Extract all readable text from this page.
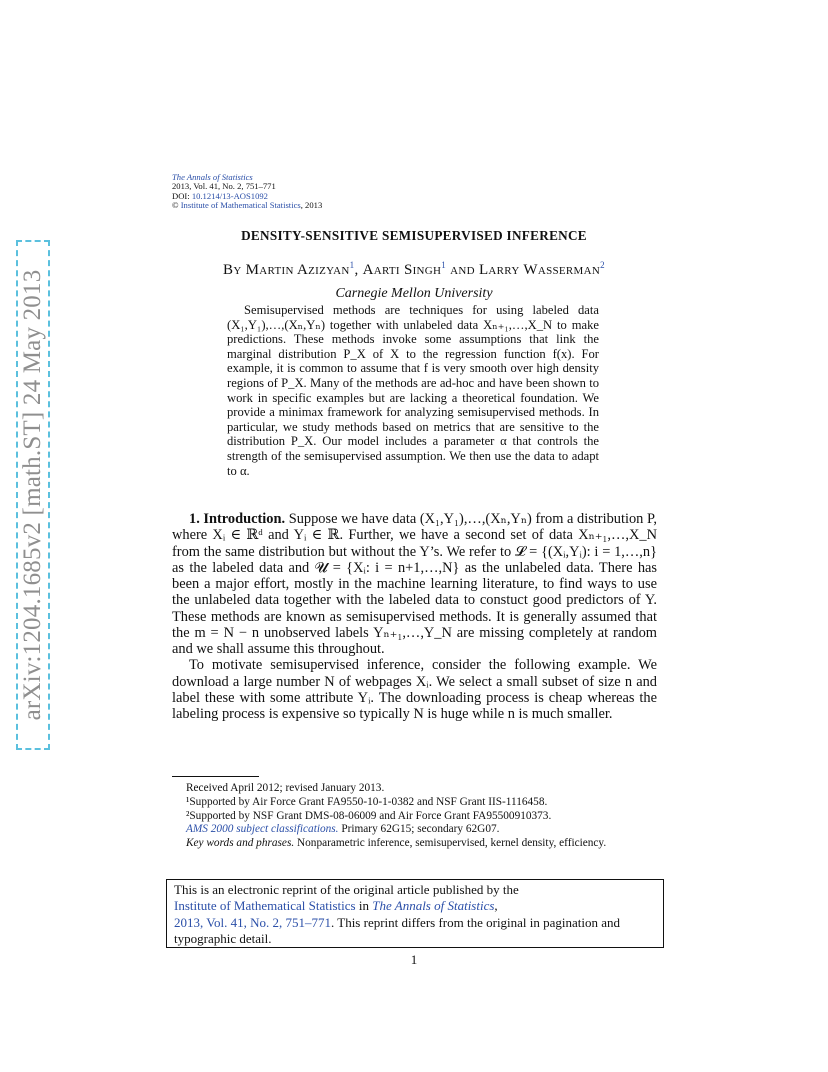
arXiv:1204.1685v2 [math.ST] 24 May 2013
The Annals of Statistics
2013, Vol. 41, No. 2, 751–771
DOI: 10.1214/13-AOS1092
© Institute of Mathematical Statistics, 2013
DENSITY-SENSITIVE SEMISUPERVISED INFERENCE
By Martin Azizyan$^1$, Aarti Singh$^1$ and Larry Wasserman$^2$
Carnegie Mellon University

Semisupervised methods are techniques for using labeled data (X₁,Y₁),…,(Xₙ,Yₙ) together with unlabeled data Xₙ₊₁,…,X_N to make predictions. These methods invoke some assumptions that link the marginal distribution P_X of X to the regression function f(x). For example, it is common to assume that f is very smooth over high density regions of P_X. Many of the methods are ad-hoc and have been shown to work in specific examples but are lacking a theoretical foundation. We provide a minimax framework for analyzing semisupervised methods. In particular, we study methods based on metrics that are sensitive to the distribution P_X. Our model includes a parameter α that controls the strength of the semisupervised assumption. We then use the data to adapt to α.

1. Introduction. Suppose we have data (X₁,Y₁),…,(Xₙ,Yₙ) from a distribution P, where Xᵢ ∈ ℝᵈ and Yᵢ ∈ ℝ. Further, we have a second set of data Xₙ₊₁,…,X_N from the same distribution but without the Y’s. We refer to 𝓛 = {(Xᵢ,Yᵢ): i = 1,…,n} as the labeled data and 𝓤 = {Xᵢ: i = n+1,…,N} as the unlabeled data. There has been a major effort, mostly in the machine learning literature, to find ways to use the unlabeled data together with the labeled data to constuct good predictors of Y. These methods are known as semisupervised methods. It is generally assumed that the m = N − n unobserved labels Yₙ₊₁,…,Y_N are missing completely at random and we shall assume this throughout.

To motivate semisupervised inference, consider the following example. We download a large number N of webpages Xᵢ. We select a small subset of size n and label these with some attribute Yᵢ. The downloading process is cheap whereas the labeling process is expensive so typically N is huge while n is much smaller.

Received April 2012; revised January 2013.
¹Supported by Air Force Grant FA9550-10-1-0382 and NSF Grant IIS-1116458.
²Supported by NSF Grant DMS-08-06009 and Air Force Grant FA95500910373.
AMS 2000 subject classifications. Primary 62G15; secondary 62G07.
Key words and phrases. Nonparametric inference, semisupervised, kernel density, efficiency.
This is an electronic reprint of the original article published by the
Institute of Mathematical Statistics in The Annals of Statistics,
2013, Vol. 41, No. 2, 751–771. This reprint differs from the original in pagination and typographic detail.
1
